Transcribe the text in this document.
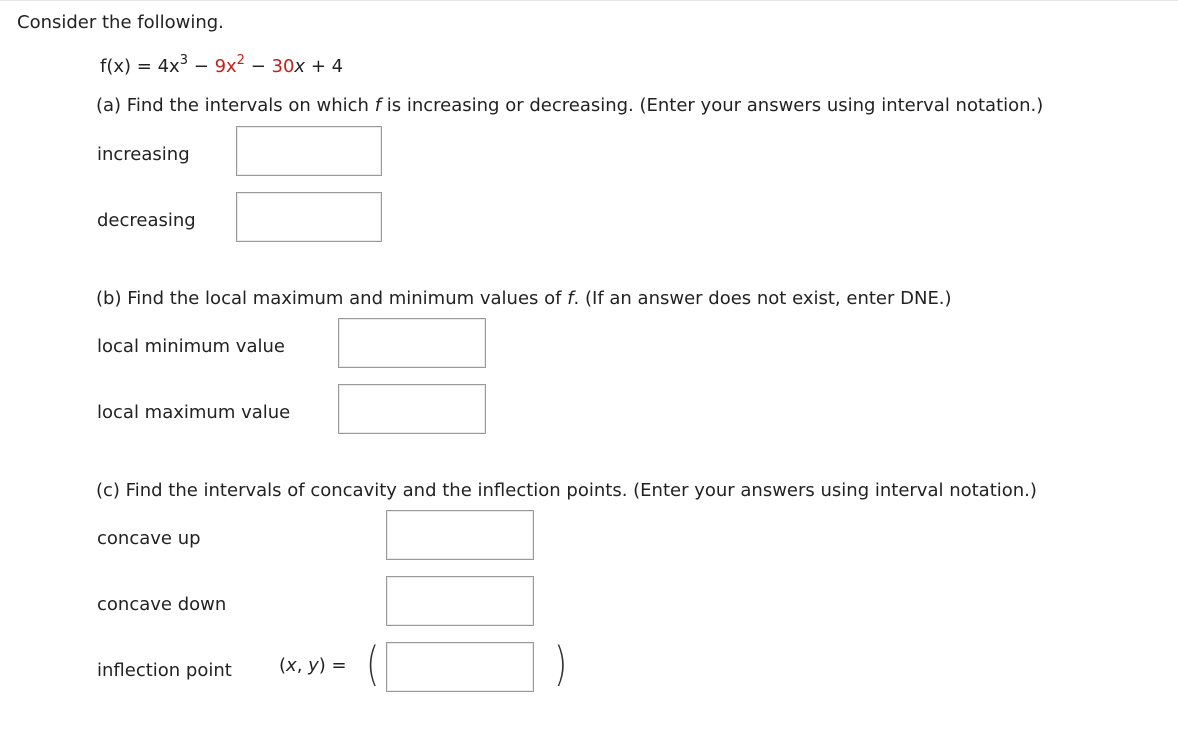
Consider the following.
$f(x) = 4x^3 - 9x^2 - 30x + 4$
(a) Find the intervals on which f is increasing or decreasing. (Enter your answers using interval notation.)
increasing
decreasing
(b) Find the local maximum and minimum values of f. (If an answer does not exist, enter DNE.)
local minimum value
local maximum value
(c) Find the intervals of concavity and the inflection points. (Enter your answers using interval notation.)
concave up
concave down
inflection point	(x, y) = (	)
